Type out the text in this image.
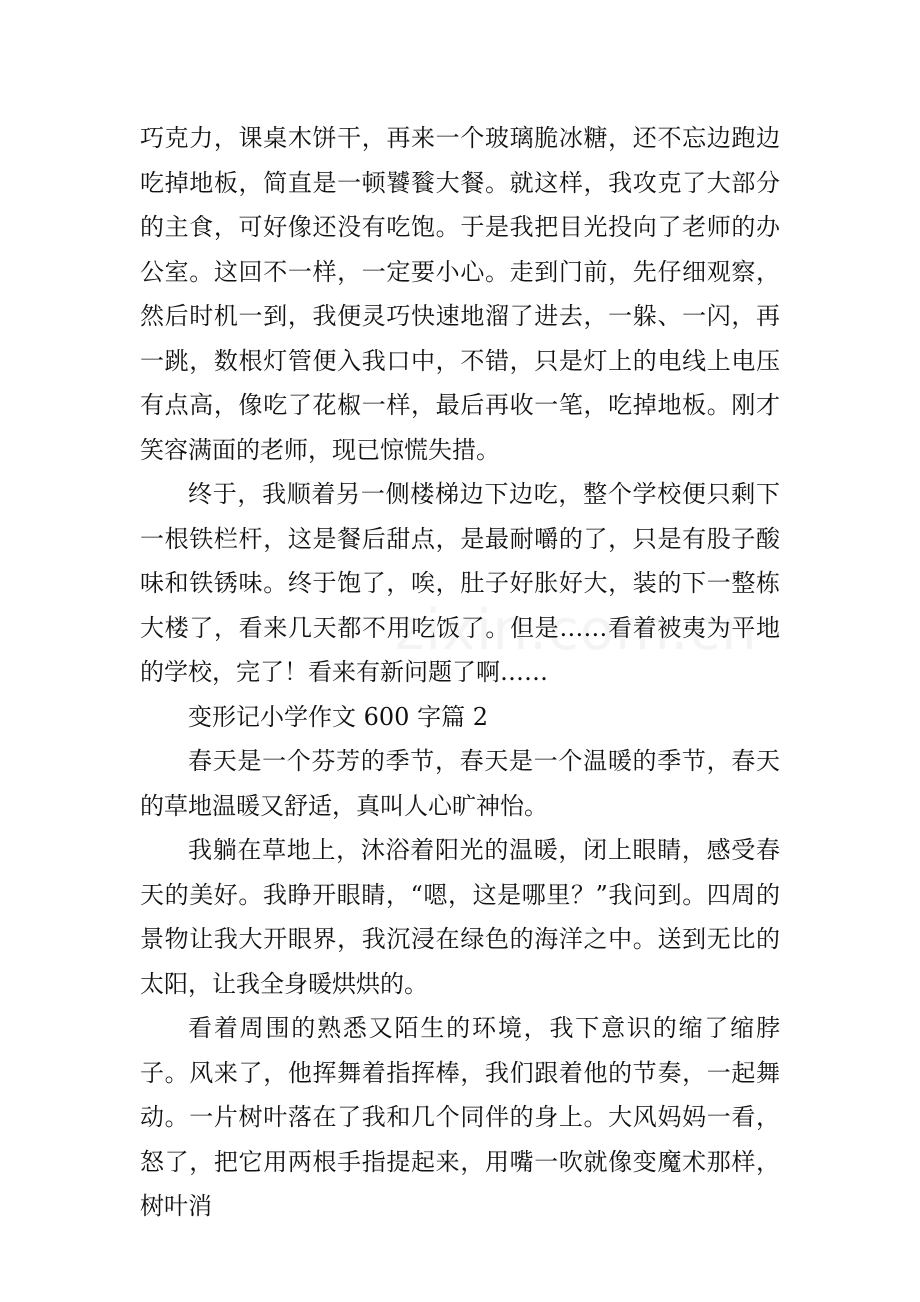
巧克力，课桌木饼干，再来一个玻璃脆冰糖，还不忘边跑边吃掉地板，简直是一顿饕餮大餐。就这样，我攻克了大部分的主食，可好像还没有吃饱。于是我把目光投向了老师的办公室。这回不一样，一定要小心。走到门前，先仔细观察，然后时机一到，我便灵巧快速地溜了进去，一躲、一闪，再一跳，数根灯管便入我口中，不错，只是灯上的电线上电压有点高，像吃了花椒一样，最后再收一笔，吃掉地板。刚才笑容满面的老师，现已惊慌失措。

终于，我顺着另一侧楼梯边下边吃，整个学校便只剩下一根铁栏杆，这是餐后甜点，是最耐嚼的了，只是有股子酸味和铁锈味。终于饱了，唉，肚子好胀好大，装的下一整栋大楼了，看来几天都不用吃饭了。但是……看着被夷为平地的学校，完了！看来有新问题了啊……

变形记小学作文 600 字篇 2

春天是一个芬芳的季节，春天是一个温暖的季节，春天的草地温暖又舒适，真叫人心旷神怡。

我躺在草地上，沐浴着阳光的温暖，闭上眼睛，感受春天的美好。我睁开眼睛，“嗯，这是哪里？”我问到。四周的景物让我大开眼界，我沉浸在绿色的海洋之中。送到无比的太阳，让我全身暖烘烘的。

看着周围的熟悉又陌生的环境，我下意识的缩了缩脖子。风来了，他挥舞着指挥棒，我们跟着他的节奏，一起舞动。一片树叶落在了我和几个同伴的身上。大风妈妈一看，怒了，把它用两根手指提起来，用嘴一吹就像变魔术那样，树叶消
